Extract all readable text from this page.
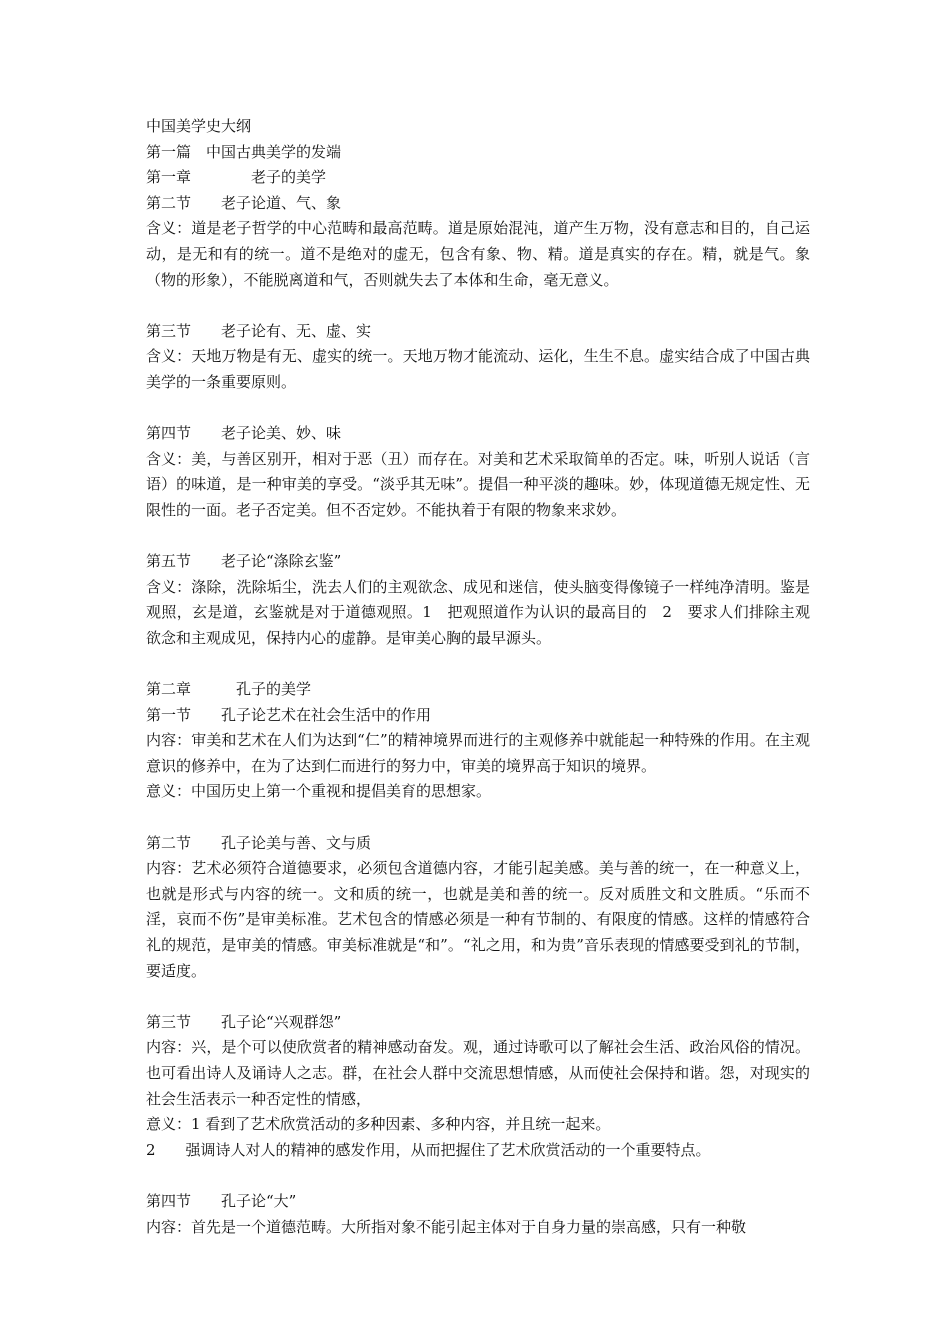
中国美学史大纲
第一篇　中国古典美学的发端
第一章　　　　老子的美学
第二节　　老子论道、气、象
含义：道是老子哲学的中心范畴和最高范畴。道是原始混沌，道产生万物，没有意志和目的，自己运动，是无和有的统一。道不是绝对的虚无，包含有象、物、精。道是真实的存在。精，就是气。象（物的形象），不能脱离道和气，否则就失去了本体和生命，毫无意义。
第三节　　老子论有、无、虚、实
含义：天地万物是有无、虚实的统一。天地万物才能流动、运化，生生不息。虚实结合成了中国古典美学的一条重要原则。
第四节　　老子论美、妙、味
含义：美，与善区别开，相对于恶（丑）而存在。对美和艺术采取简单的否定。味，听别人说话（言语）的味道，是一种审美的享受。“淡乎其无味”。提倡一种平淡的趣味。妙，体现道德无规定性、无限性的一面。老子否定美。但不否定妙。不能执着于有限的物象来求妙。
第五节　　老子论“涤除玄鉴”
含义：涤除，洗除垢尘，洗去人们的主观欲念、成见和迷信，使头脑变得像镜子一样纯净清明。鉴是观照，玄是道，玄鉴就是对于道德观照。1　把观照道作为认识的最高目的　2　要求人们排除主观欲念和主观成见，保持内心的虚静。是审美心胸的最早源头。
第二章　　　孔子的美学
第一节　　孔子论艺术在社会生活中的作用
内容：审美和艺术在人们为达到“仁”的精神境界而进行的主观修养中就能起一种特殊的作用。在主观意识的修养中，在为了达到仁而进行的努力中，审美的境界高于知识的境界。
意义：中国历史上第一个重视和提倡美育的思想家。
第二节　　孔子论美与善、文与质
内容：艺术必须符合道德要求，必须包含道德内容，才能引起美感。美与善的统一，在一种意义上，也就是形式与内容的统一。文和质的统一，也就是美和善的统一。反对质胜文和文胜质。“乐而不淫，哀而不伤”是审美标准。艺术包含的情感必须是一种有节制的、有限度的情感。这样的情感符合礼的规范，是审美的情感。审美标准就是“和”。“礼之用，和为贵”音乐表现的情感要受到礼的节制，要适度。
第三节　　孔子论“兴观群怨”
内容：兴，是个可以使欣赏者的精神感动奋发。观，通过诗歌可以了解社会生活、政治风俗的情况。也可看出诗人及诵诗人之志。群，在社会人群中交流思想情感，从而使社会保持和谐。怨，对现实的社会生活表示一种否定性的情感，
意义：1 看到了艺术欣赏活动的多种因素、多种内容，并且统一起来。
2　　强调诗人对人的精神的感发作用，从而把握住了艺术欣赏活动的一个重要特点。
第四节　　孔子论“大”
内容：首先是一个道德范畴。大所指对象不能引起主体对于自身力量的崇高感，只有一种敬
